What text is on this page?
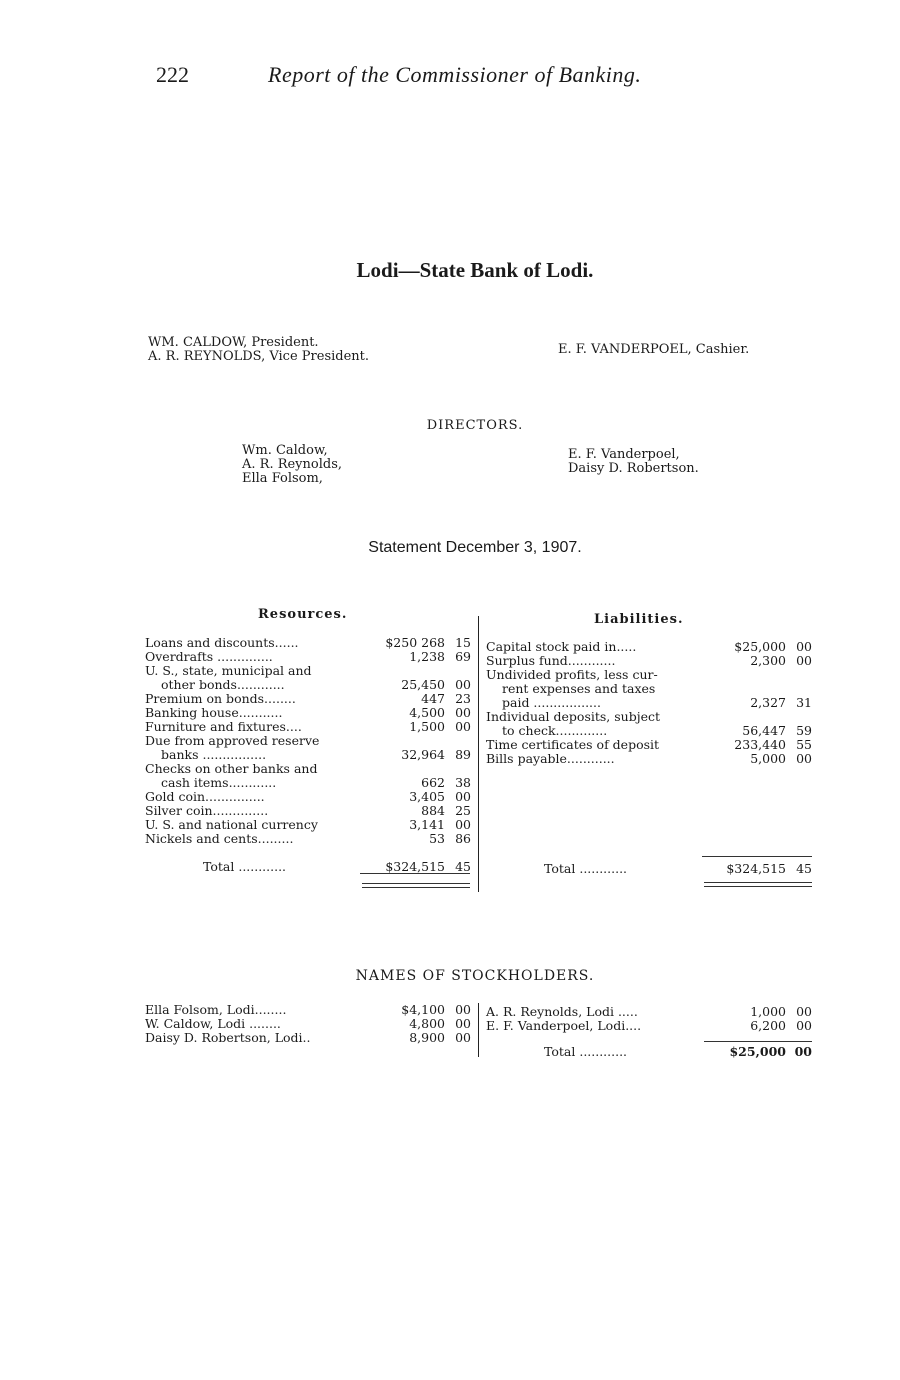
222	Report of the Commissioner of Banking.
Lodi—State Bank of Lodi.
WM. CALDOW, President.
A. R. REYNOLDS, Vice President.	E. F. VANDERPOEL, Cashier.
DIRECTORS.
Wm. Caldow,
A. R. Reynolds,
Ella Folsom,
E. F. Vanderpoel,
Daisy D. Robertson.
Statement December 3, 1907.
Resources.	Liabilities.
Loans and discounts......	$250 268	15
Overdrafts ..............	1,238	69
U. S., state, municipal and		
other bonds............	25,450	00
Premium on bonds........	447	23
Banking house...........	4,500	00
Furniture and fixtures....	1,500	00
Due from approved reserve		
banks ................	32,964	89
Checks on other banks and		
cash items............	662	38
Gold coin...............	3,405	00
Silver coin..............	884	25
U. S. and national currency	3,141	00
Nickels and cents.........	53	86
Total ............	$324,515	45
Capital stock paid in.....	$25,000	00
Surplus fund............	2,300	00
Undivided profits, less cur-		
rent expenses and taxes		
paid .................	2,327	31
Individual deposits, subject		
to check.............	56,447	59
Time certificates of deposit	233,440	55
Bills payable............	5,000	00
Total ............	$324,515	45
NAMES OF STOCKHOLDERS.
Ella Folsom, Lodi........	$4,100	00
W. Caldow, Lodi ........	4,800	00
Daisy D. Robertson, Lodi..	8,900	00
A. R. Reynolds, Lodi .....	1,000	00
E. F. Vanderpoel, Lodi....	6,200	00
Total ............	$25,000	00
